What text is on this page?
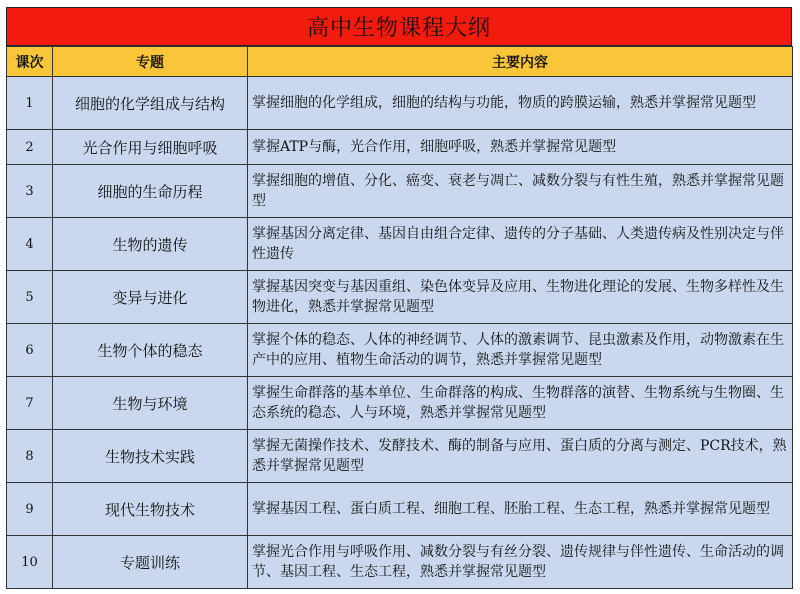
高中生物课程大纲
课次	专题	主要内容
1	细胞的化学组成与结构	掌握细胞的化学组成，细胞的结构与功能，物质的跨膜运输，熟悉并掌握常见题型
2	光合作用与细胞呼吸	掌握ATP与酶，光合作用，细胞呼吸，熟悉并掌握常见题型
3	细胞的生命历程	掌握细胞的增值、分化、癌变、衰老与凋亡、减数分裂与有性生殖，熟悉并掌握常见题型
4	生物的遗传	掌握基因分离定律、基因自由组合定律、遗传的分子基础、人类遗传病及性别决定与伴性遗传
5	变异与进化	掌握基因突变与基因重组、染色体变异及应用、生物进化理论的发展、生物多样性及生物进化，熟悉并掌握常见题型
6	生物个体的稳态	掌握个体的稳态、人体的神经调节、人体的激素调节、昆虫激素及作用，动物激素在生产中的应用、植物生命活动的调节，熟悉并掌握常见题型
7	生物与环境	掌握生命群落的基本单位、生命群落的构成、生物群落的演替、生物系统与生物圈、生态系统的稳态、人与环境，熟悉并掌握常见题型
8	生物技术实践	掌握无菌操作技术、发酵技术、酶的制备与应用、蛋白质的分离与测定、PCR技术，熟悉并掌握常见题型
9	现代生物技术	掌握基因工程、蛋白质工程、细胞工程、胚胎工程、生态工程，熟悉并掌握常见题型
10	专题训练	掌握光合作用与呼吸作用、减数分裂与有丝分裂、遗传规律与伴性遗传、生命活动的调节、基因工程、生态工程，熟悉并掌握常见题型
